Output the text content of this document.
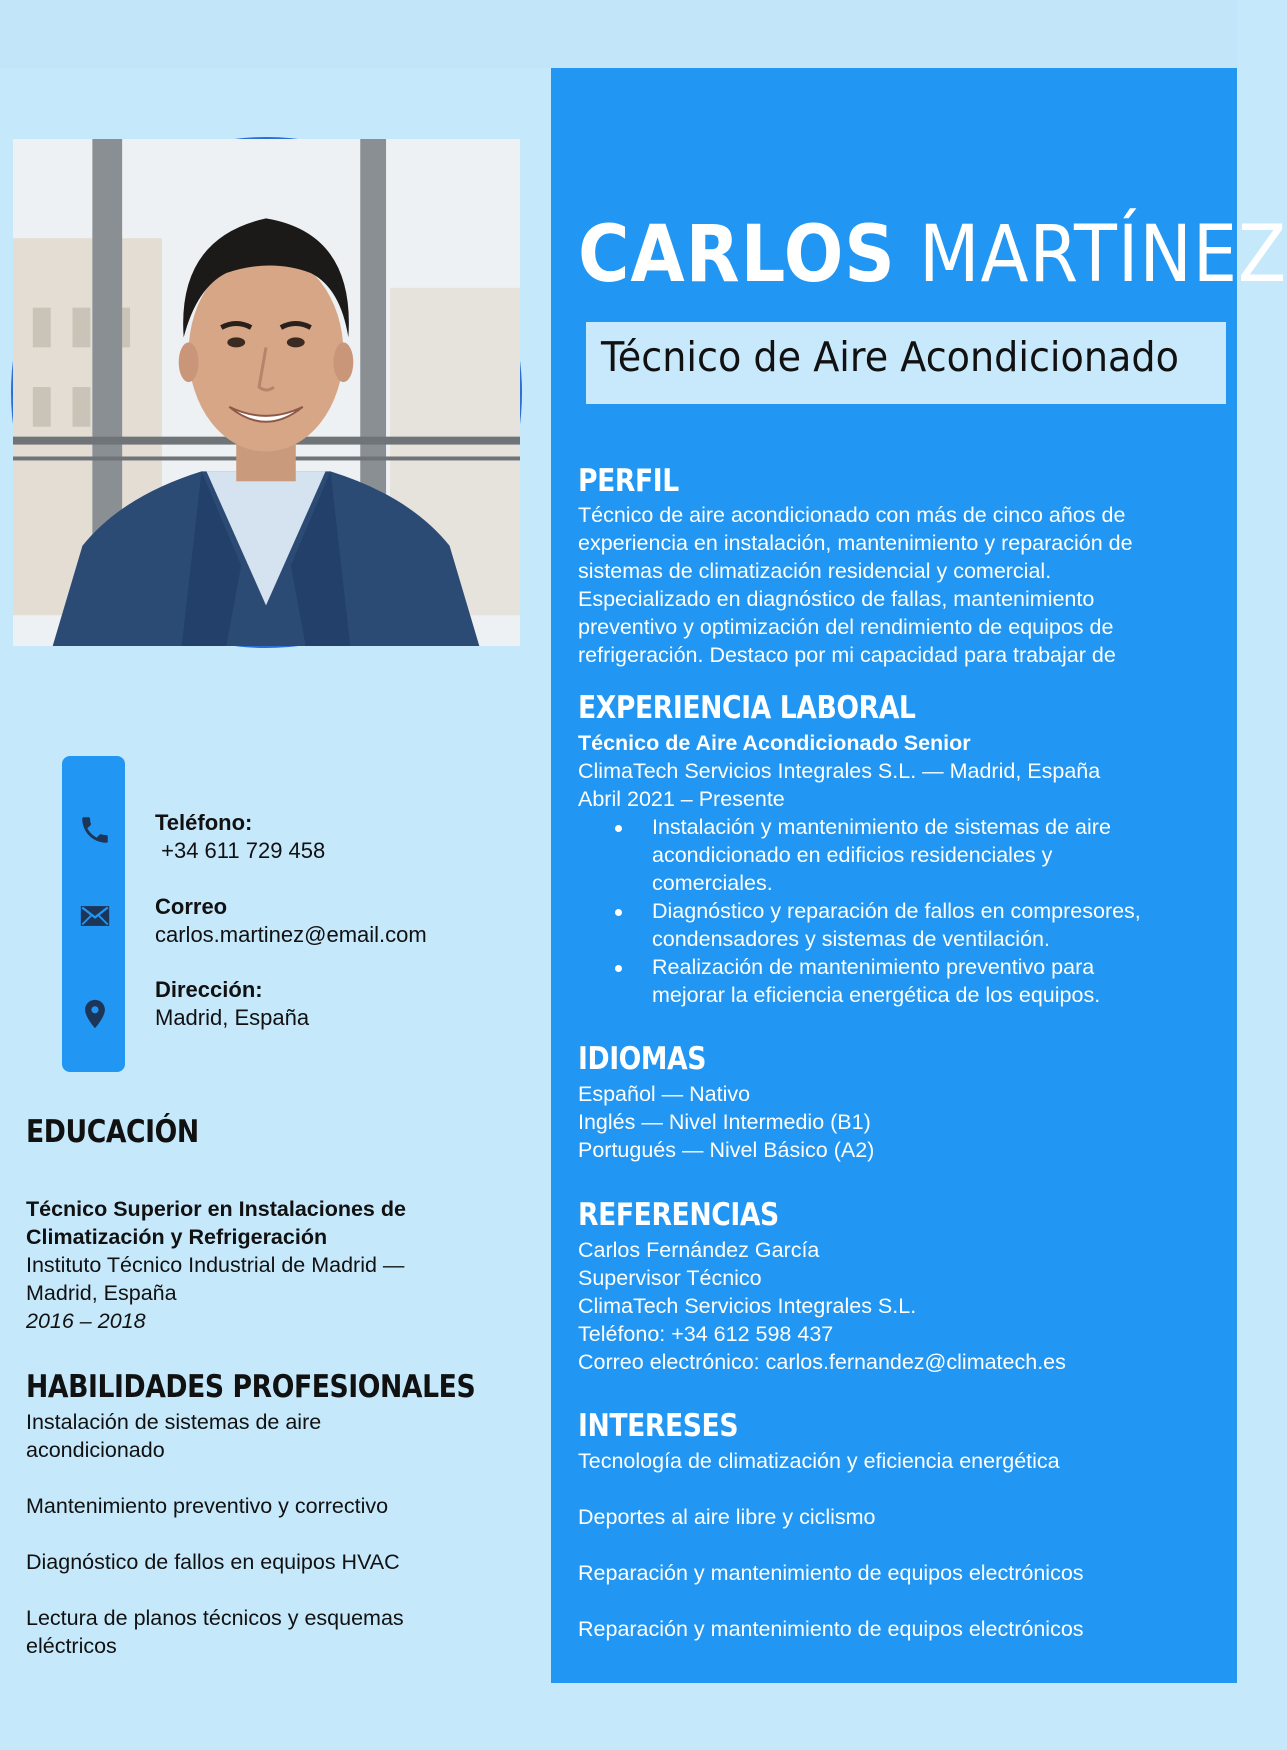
Teléfono:
+34 611 729 458
Correo
carlos.martinez@email.com
Dirección:
Madrid, España
EDUCACIÓN
Técnico Superior en Instalaciones de
Climatización y Refrigeración
Instituto Técnico Industrial de Madrid —
Madrid, España
2016 – 2018
HABILIDADES PROFESIONALES
Instalación de sistemas de aire
acondicionado
Mantenimiento preventivo y correctivo
Diagnóstico de fallos en equipos HVAC
Lectura de planos técnicos y esquemas
eléctricos
CARLOS MARTÍNEZ
Técnico de Aire Acondicionado
PERFIL

Técnico de aire acondicionado con más de cinco años de experiencia en instalación, mantenimiento y reparación de sistemas de climatización residencial y comercial. Especializado en diagnóstico de fallas, mantenimiento preventivo y optimización del rendimiento de equipos de refrigeración. Destaco por mi capacidad para trabajar de

EXPERIENCIA LABORAL
Técnico de Aire Acondicionado Senior
ClimaTech Servicios Integrales S.L. — Madrid, España
Abril 2021 – Presente
Instalación y mantenimiento de sistemas de aire
acondicionado en edificios residenciales y
comerciales.
Diagnóstico y reparación de fallos en compresores,
condensadores y sistemas de ventilación.
Realización de mantenimiento preventivo para
mejorar la eficiencia energética de los equipos.
IDIOMAS
Español — Nativo
Inglés — Nivel Intermedio (B1)
Portugués — Nivel Básico (A2)
REFERENCIAS
Carlos Fernández García
Supervisor Técnico
ClimaTech Servicios Integrales S.L.
Teléfono: +34 612 598 437
Correo electrónico: carlos.fernandez@climatech.es
INTERESES
Tecnología de climatización y eficiencia energética
Deportes al aire libre y ciclismo
Reparación y mantenimiento de equipos electrónicos
Reparación y mantenimiento de equipos electrónicos
